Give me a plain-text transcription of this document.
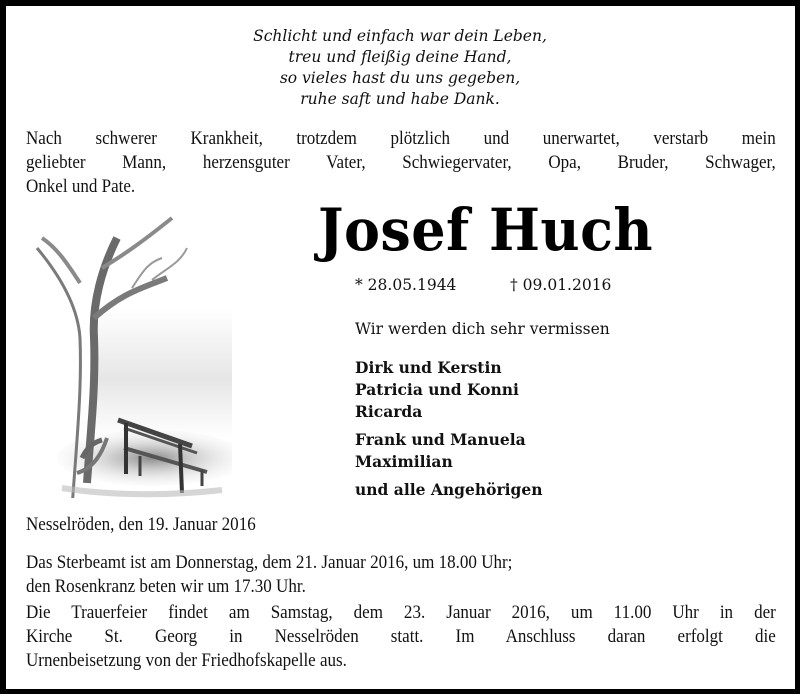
Schlicht und einfach war dein Leben,
treu und fleißig deine Hand,
so vieles hast du uns gegeben,
ruhe saft und habe Dank.
Nach schwerer Krankheit, trotzdem plötzlich und unerwartet, verstarb mein
geliebter Mann, herzensguter Vater, Schwiegervater, Opa, Bruder, Schwager,
Onkel und Pate.
Josef Huch
* 28.05.1944	† 09.01.2016
Wir werden dich sehr vermissen
Dirk und Kerstin
Patricia und Konni
Ricarda
Frank und Manuela
Maximilian
und alle Angehörigen
Nesselröden, den 19. Januar 2016
Das Sterbeamt ist am Donnerstag, dem 21. Januar 2016, um 18.00 Uhr;
den Rosenkranz beten wir um 17.30 Uhr.
Die Trauerfeier findet am Samstag, dem 23. Januar 2016, um 11.00 Uhr in der
Kirche St. Georg in Nesselröden statt. Im Anschluss daran erfolgt die
Urnenbeisetzung von der Friedhofskapelle aus.
